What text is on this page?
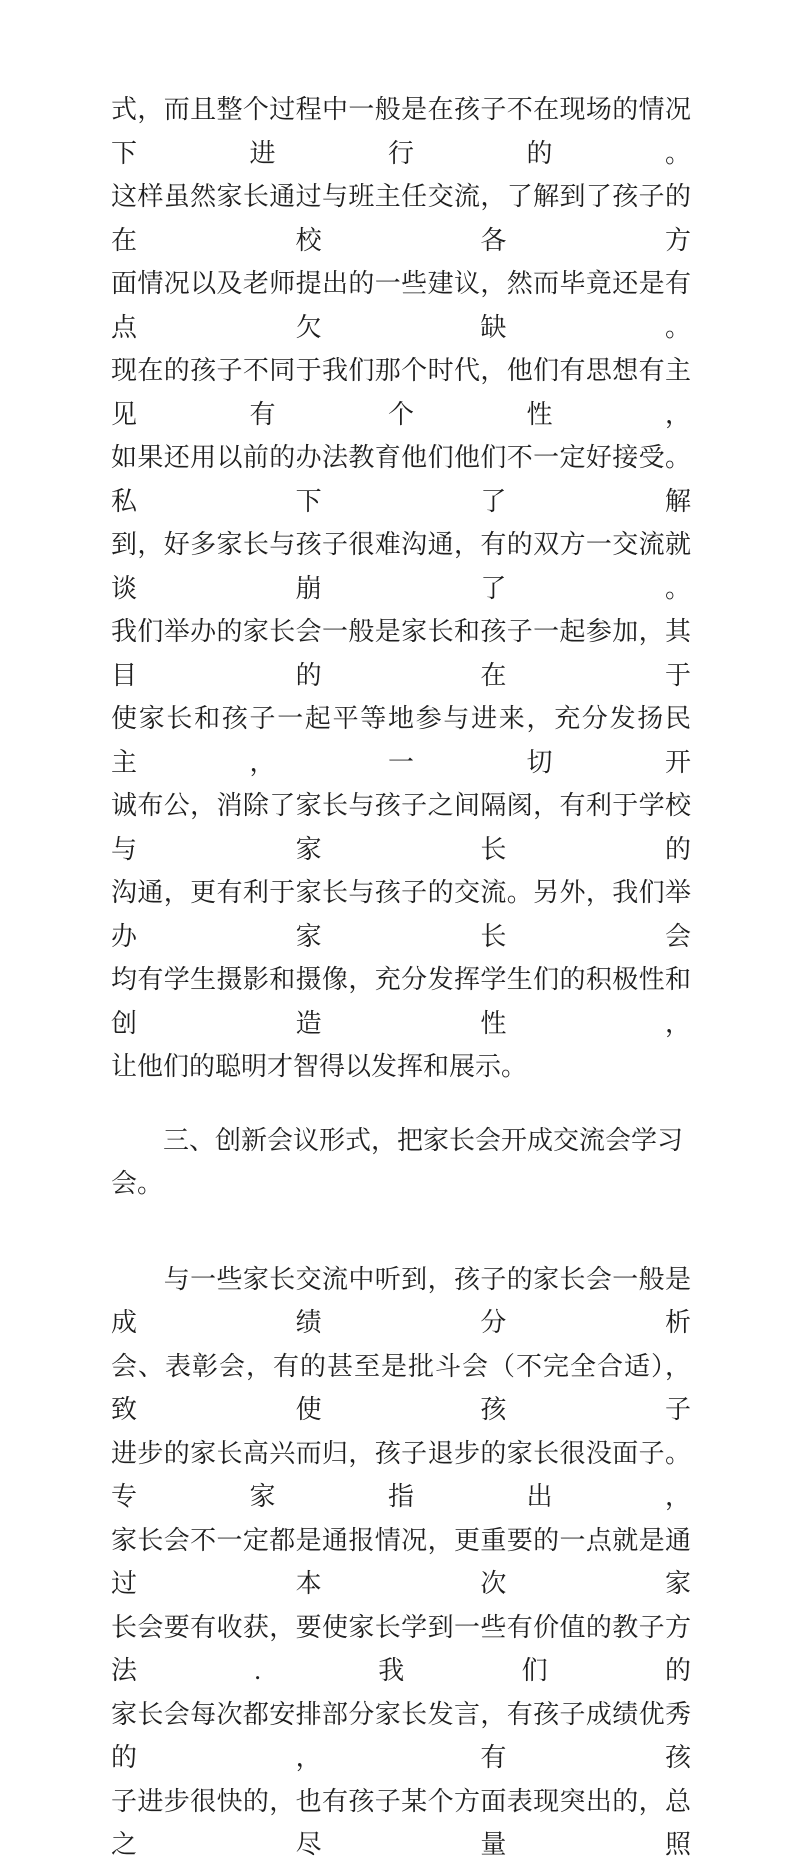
式，而且整个过程中一般是在孩子不在现场的情况下进行的。
这样虽然家长通过与班主任交流，了解到了孩子的在校各方
面情况以及老师提出的一些建议，然而毕竟还是有点欠缺。
现在的孩子不同于我们那个时代，他们有思想有主见有个性，
如果还用以前的办法教育他们他们不一定好接受。私下了解
到，好多家长与孩子很难沟通，有的双方一交流就谈崩了。
我们举办的家长会一般是家长和孩子一起参加，其目的在于
使家长和孩子一起平等地参与进来，充分发扬民主，一切开
诚布公，消除了家长与孩子之间隔阂，有利于学校与家长的
沟通，更有利于家长与孩子的交流。另外，我们举办家长会
均有学生摄影和摄像，充分发挥学生们的积极性和创造性，
让他们的聪明才智得以发挥和展示。
　　三、创新会议形式，把家长会开成交流会学习会。
　　与一些家长交流中听到，孩子的家长会一般是成绩分析
会、表彰会，有的甚至是批斗会（不完全合适），致使孩子
进步的家长高兴而归，孩子退步的家长很没面子。专家指出，
家长会不一定都是通报情况，更重要的一点就是通过本次家
长会要有收获，要使家长学到一些有价值的教子方法.我们的
家长会每次都安排部分家长发言，有孩子成绩优秀的，有孩
子进步很快的，也有孩子某个方面表现突出的，总之尽量照
